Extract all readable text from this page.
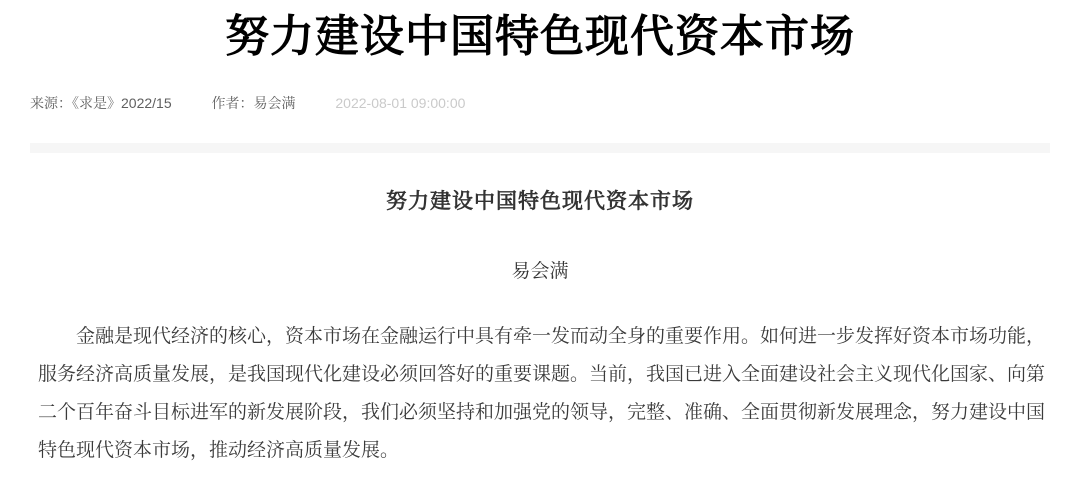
努力建设中国特色现代资本市场
来源：《求是》2022/15	作者：易会满	2022-08-01 09:00:00
努力建设中国特色现代资本市场
易会满

金融是现代经济的核心，资本市场在金融运行中具有牵一发而动全身的重要作用。如何进一步发挥好资本市场功能，服务经济高质量发展，是我国现代化建设必须回答好的重要课题。当前，我国已进入全面建设社会主义现代化国家、向第二个百年奋斗目标进军的新发展阶段，我们必须坚持和加强党的领导，完整、准确、全面贯彻新发展理念，努力建设中国特色现代资本市场，推动经济高质量发展。
